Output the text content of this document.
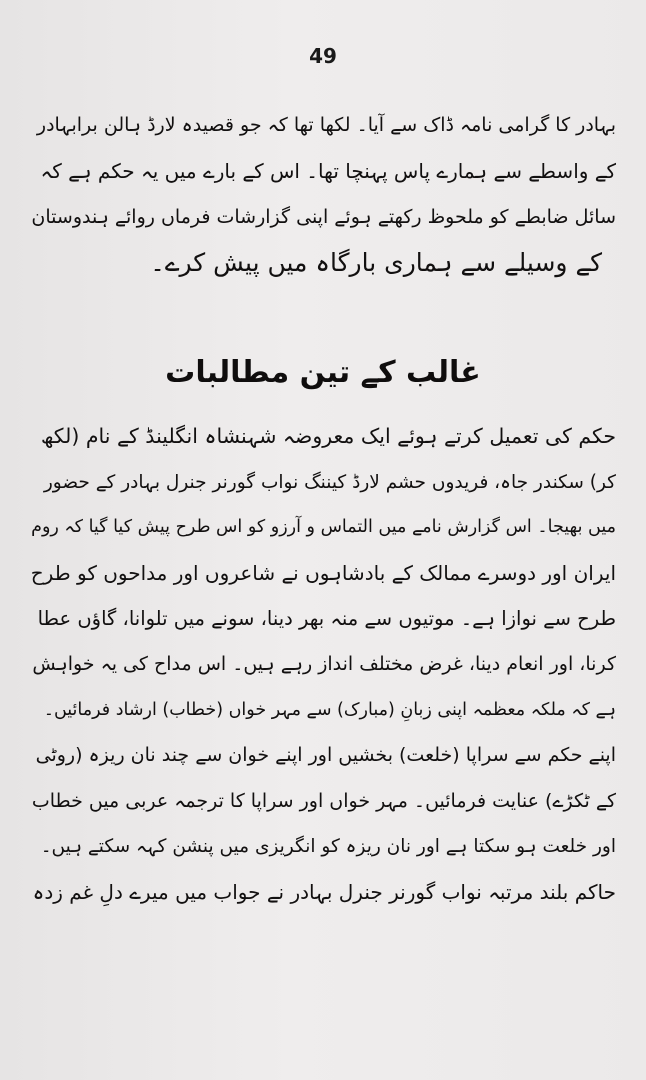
49
بہادر کا گرامی نامہ ڈاک سے آیا۔ لکھا تھا کہ جو قصیدہ لارڈ ہالن برابہادر
کے واسطے سے ہمارے پاس پہنچا تھا۔ اس کے بارے میں یہ حکم ہے کہ
سائل ضابطے کو ملحوظ رکھتے ہوئے اپنی گزارشات فرماں روائے ہندوستان
کے وسیلے سے ہماری بارگاہ میں پیش کرے۔
غالب کے تین مطالبات
حکم کی تعمیل کرتے ہوئے ایک معروضہ شہنشاہ انگلینڈ کے نام (لکھ
کر) سکندر جاہ، فریدوں حشم لارڈ کیننگ نواب گورنر جنرل بہادر کے حضور
میں بھیجا۔ اس گزارش نامے میں التماس و آرزو کو اس طرح پیش کیا گیا کہ روم
ایران اور دوسرے ممالک کے بادشاہوں نے شاعروں اور مداحوں کو طرح
طرح سے نوازا ہے۔ موتیوں سے منہ بھر دینا، سونے میں تلوانا، گاؤں عطا
کرنا، اور انعام دینا، غرض مختلف انداز رہے ہیں۔ اس مداح کی یہ خواہش
ہے کہ ملکہ معظمہ اپنی زبانِ (مبارک) سے مہر خواں (خطاب) ارشاد فرمائیں۔
اپنے حکم سے سراپا (خلعت) بخشیں اور اپنے خوان سے چند نان ریزہ (روٹی
کے ٹکڑے) عنایت فرمائیں۔ مہر خواں اور سراپا کا ترجمہ عربی میں خطاب
اور خلعت ہو سکتا ہے اور نان ریزہ کو انگریزی میں پنشن کہہ سکتے ہیں۔
حاکم بلند مرتبہ نواب گورنر جنرل بہادر نے جواب میں میرے دلِ غم زدہ
